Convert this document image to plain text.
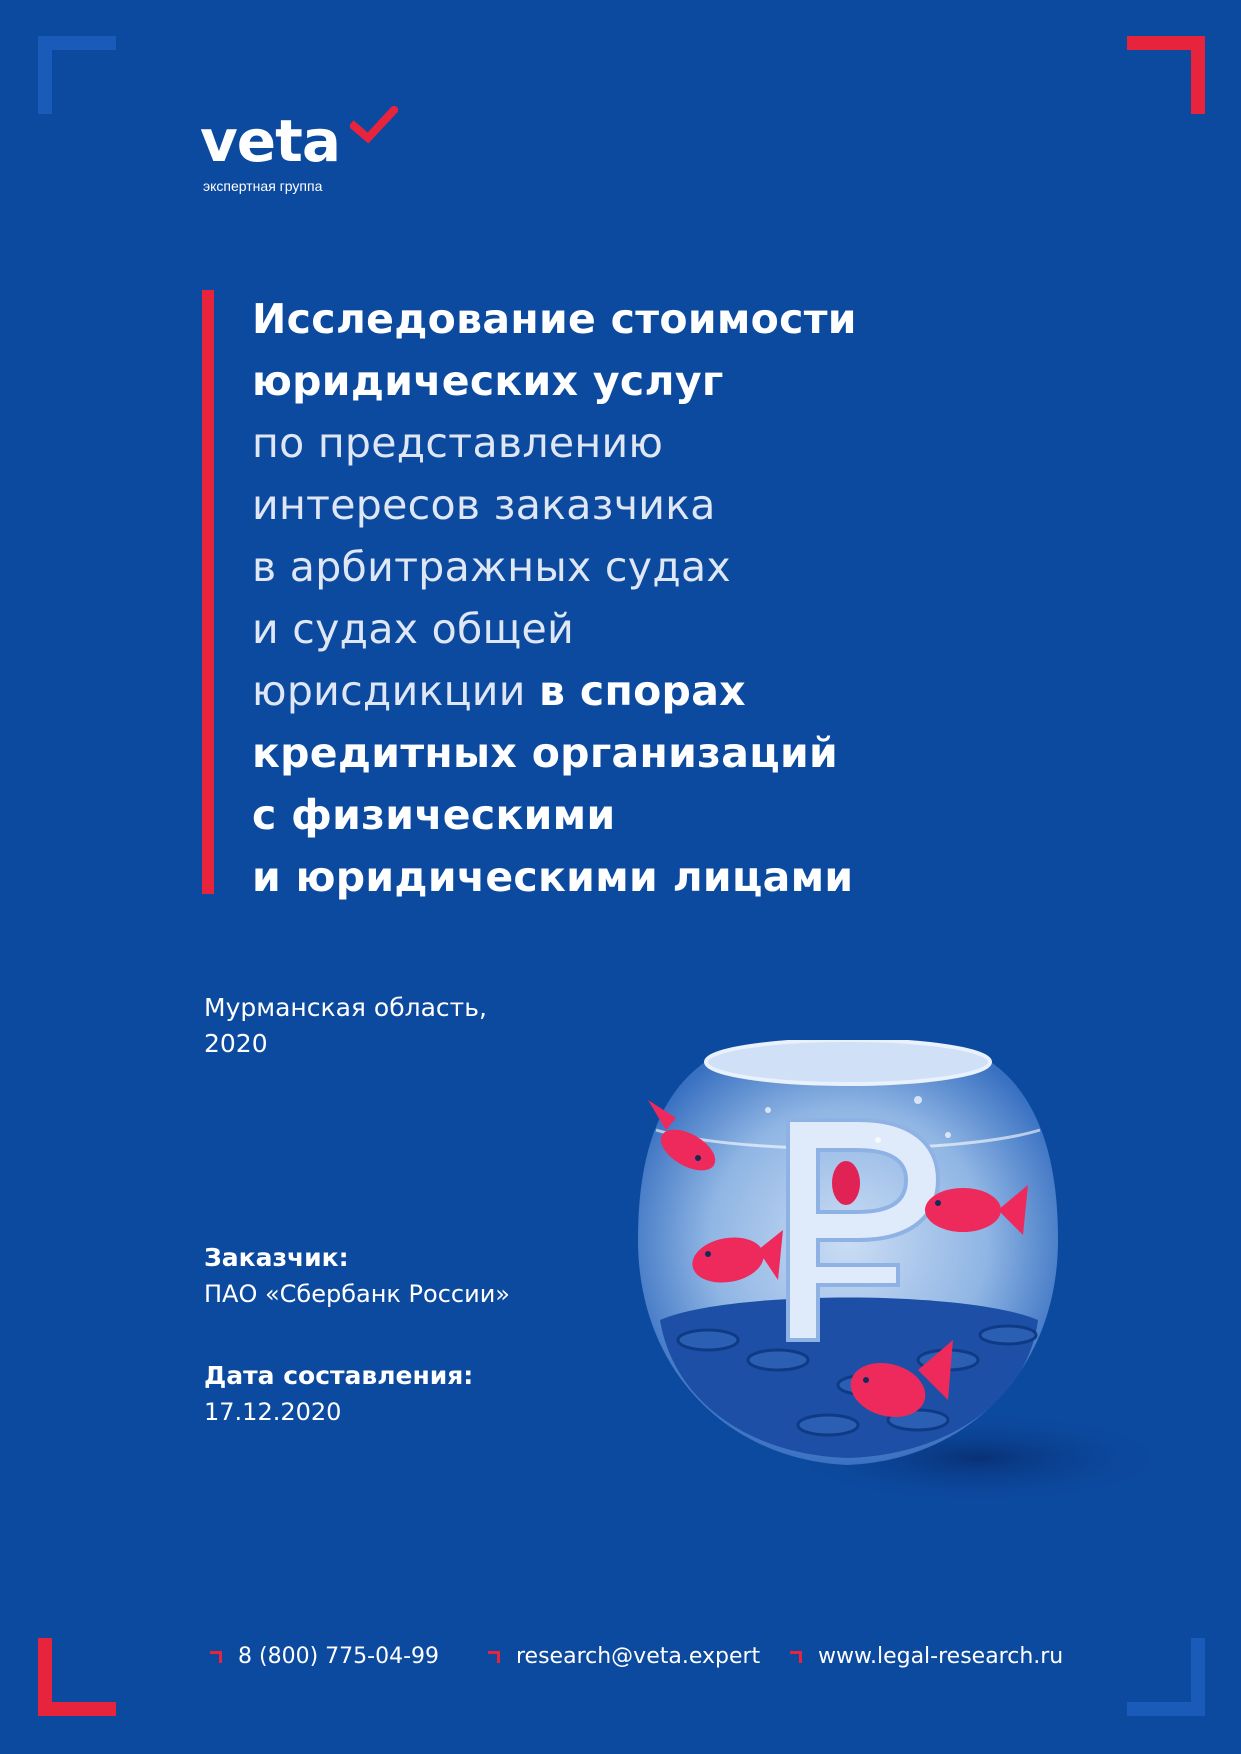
veta
экспертная группа
Исследование стоимости
юридических услуг
по представлению
интересов заказчика
в арбитражных судах
и судах общей
юрисдикции в спорах
кредитных организаций
с физическими
и юридическими лицами
Мурманская область,
2020
Заказчик:
ПАО «Сбербанк России»
Дата составления:
17.12.2020
8 (800) 775-04-99	research@veta.expert	www.legal-research.ru
